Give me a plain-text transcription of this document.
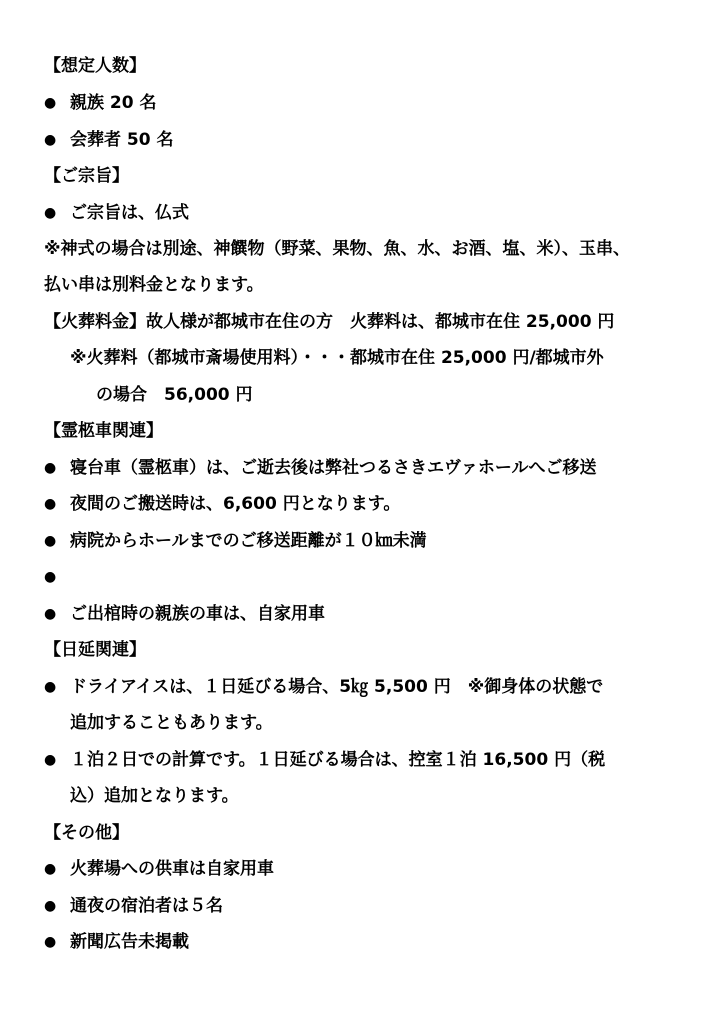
【想定人数】
● 親族 20 名
● 会葬者 50 名
【ご宗旨】
● ご宗旨は、仏式
※神式の場合は別途、神饌物（野菜、果物、魚、水、お酒、塩、米）、玉串、
払い串は別料金となります。
【火葬料金】故人様が都城市在住の方　火葬料は、都城市在住 25,000 円
※火葬料（都城市斎場使用料）・・・都城市在住 25,000 円/都城市外
の場合　56,000 円
【霊柩車関連】
● 寝台車（霊柩車）は、ご逝去後は弊社つるさきエヴァホールへご移送
● 夜間のご搬送時は、6,600 円となります。
● 病院からホールまでのご移送距離が１０㎞未満
●
● ご出棺時の親族の車は、自家用車
【日延関連】
● ドライアイスは、１日延びる場合、5㎏ 5,500 円　※御身体の状態で
追加することもあります。
● １泊２日での計算です。１日延びる場合は、控室１泊 16,500 円（税
込）追加となります。
【その他】
● 火葬場への供車は自家用車
● 通夜の宿泊者は５名
● 新聞広告未掲載
